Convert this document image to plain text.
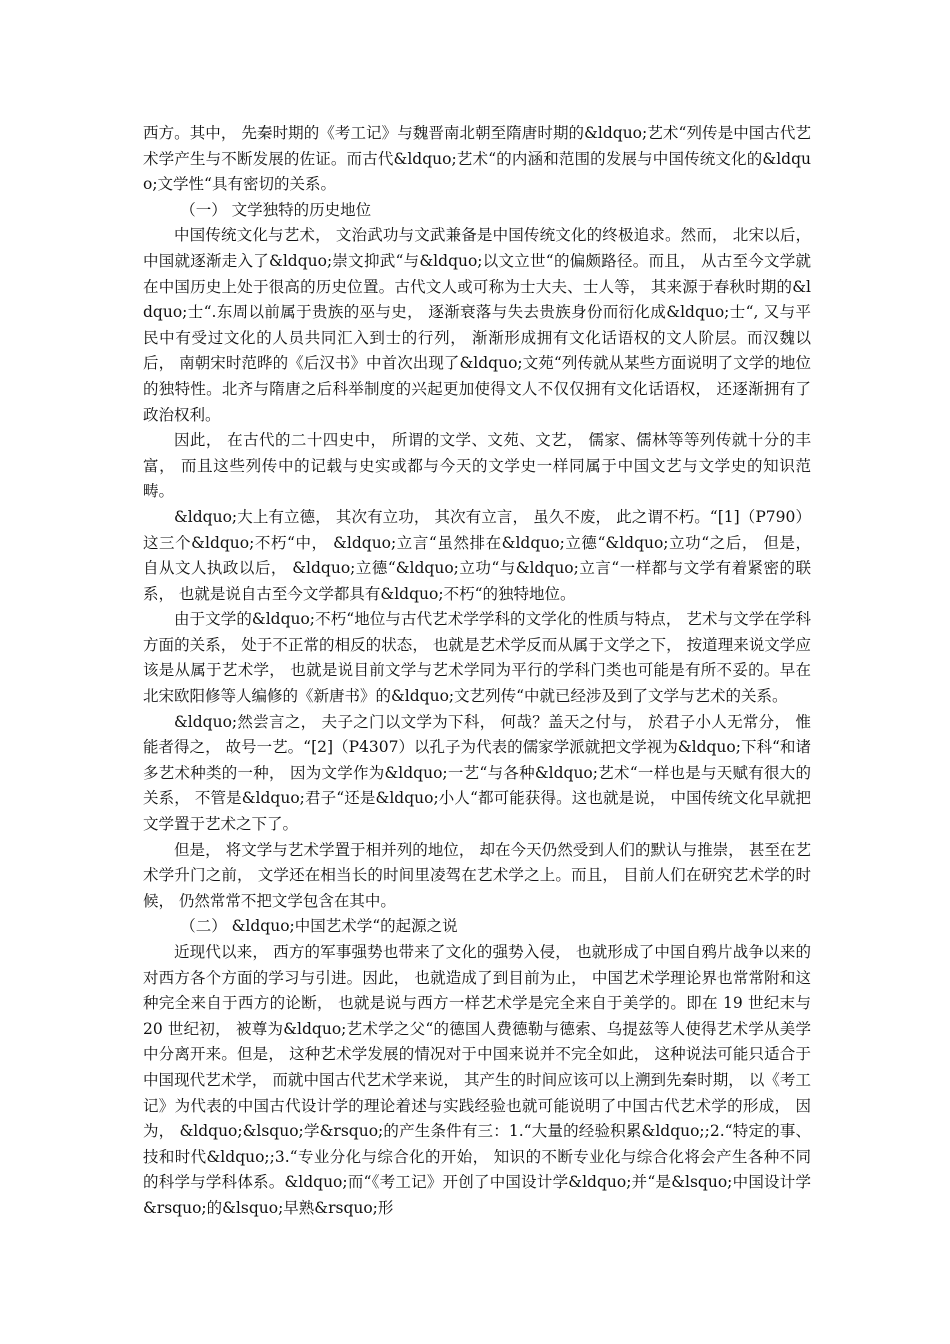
西方。其中， 先秦时期的《考工记》与魏晋南北朝至隋唐时期的&ldquo;艺术“列传是中国古代艺术学产生与不断发展的佐证。而古代&ldquo;艺术“的内涵和范围的发展与中国传统文化的&ldquo;文学性“具有密切的关系。

（一） 文学独特的历史地位

中国传统文化与艺术， 文治武功与文武兼备是中国传统文化的终极追求。然而， 北宋以后， 中国就逐渐走入了&ldquo;崇文抑武“与&ldquo;以文立世“的偏颇路径。而且， 从古至今文学就在中国历史上处于很高的历史位置。古代文人或可称为士大夫、士人等， 其来源于春秋时期的&ldquo;士“.东周以前属于贵族的巫与史， 逐渐衰落与失去贵族身份而衍化成&ldquo;士“, 又与平民中有受过文化的人员共同汇入到士的行列， 渐渐形成拥有文化话语权的文人阶层。而汉魏以后， 南朝宋时范晔的《后汉书》中首次出现了&ldquo;文苑“列传就从某些方面说明了文学的地位的独特性。北齐与隋唐之后科举制度的兴起更加使得文人不仅仅拥有文化话语权， 还逐渐拥有了政治权利。

因此， 在古代的二十四史中， 所谓的文学、文苑、文艺， 儒家、儒林等等列传就十分的丰富， 而且这些列传中的记载与史实或都与今天的文学史一样同属于中国文艺与文学史的知识范畴。

&ldquo;大上有立德， 其次有立功， 其次有立言， 虽久不废， 此之谓不朽。“[1]（P790）这三个&ldquo;不朽“中， &ldquo;立言“虽然排在&ldquo;立德“&ldquo;立功“之后， 但是， 自从文人执政以后， &ldquo;立德“&ldquo;立功“与&ldquo;立言“一样都与文学有着紧密的联系， 也就是说自古至今文学都具有&ldquo;不朽“的独特地位。

由于文学的&ldquo;不朽“地位与古代艺术学学科的文学化的性质与特点， 艺术与文学在学科方面的关系， 处于不正常的相反的状态， 也就是艺术学反而从属于文学之下， 按道理来说文学应该是从属于艺术学， 也就是说目前文学与艺术学同为平行的学科门类也可能是有所不妥的。早在北宋欧阳修等人编修的《新唐书》的&ldquo;文艺列传“中就已经涉及到了文学与艺术的关系。

&ldquo;然尝言之， 夫子之门以文学为下科， 何哉？盖天之付与， 於君子小人无常分， 惟能者得之， 故号一艺。“[2]（P4307）以孔子为代表的儒家学派就把文学视为&ldquo;下科“和诸多艺术种类的一种， 因为文学作为&ldquo;一艺“与各种&ldquo;艺术“一样也是与天赋有很大的关系， 不管是&ldquo;君子“还是&ldquo;小人“都可能获得。这也就是说， 中国传统文化早就把文学置于艺术之下了。

但是， 将文学与艺术学置于相并列的地位， 却在今天仍然受到人们的默认与推崇， 甚至在艺术学升门之前， 文学还在相当长的时间里凌驾在艺术学之上。而且， 目前人们在研究艺术学的时候， 仍然常常不把文学包含在其中。

（二） &ldquo;中国艺术学“的起源之说

近现代以来， 西方的军事强势也带来了文化的强势入侵， 也就形成了中国自鸦片战争以来的对西方各个方面的学习与引进。因此， 也就造成了到目前为止， 中国艺术学理论界也常常附和这种完全来自于西方的论断， 也就是说与西方一样艺术学是完全来自于美学的。即在 19 世纪末与 20 世纪初， 被尊为&ldquo;艺术学之父“的德国人费德勒与德索、乌提兹等人使得艺术学从美学中分离开来。但是， 这种艺术学发展的情况对于中国来说并不完全如此， 这种说法可能只适合于中国现代艺术学， 而就中国古代艺术学来说， 其产生的时间应该可以上溯到先秦时期， 以《考工记》为代表的中国古代设计学的理论着述与实践经验也就可能说明了中国古代艺术学的形成， 因为， &ldquo;&lsquo;学&rsquo;的产生条件有三：1.“大量的经验积累&ldquo;;2.“特定的事、技和时代&ldquo;;3.“专业分化与综合化的开始， 知识的不断专业化与综合化将会产生各种不同的科学与学科体系。&ldquo;而“《考工记》开创了中国设计学&ldquo;并“是&lsquo;中国设计学&rsquo;的&lsquo;早熟&rsquo;形
